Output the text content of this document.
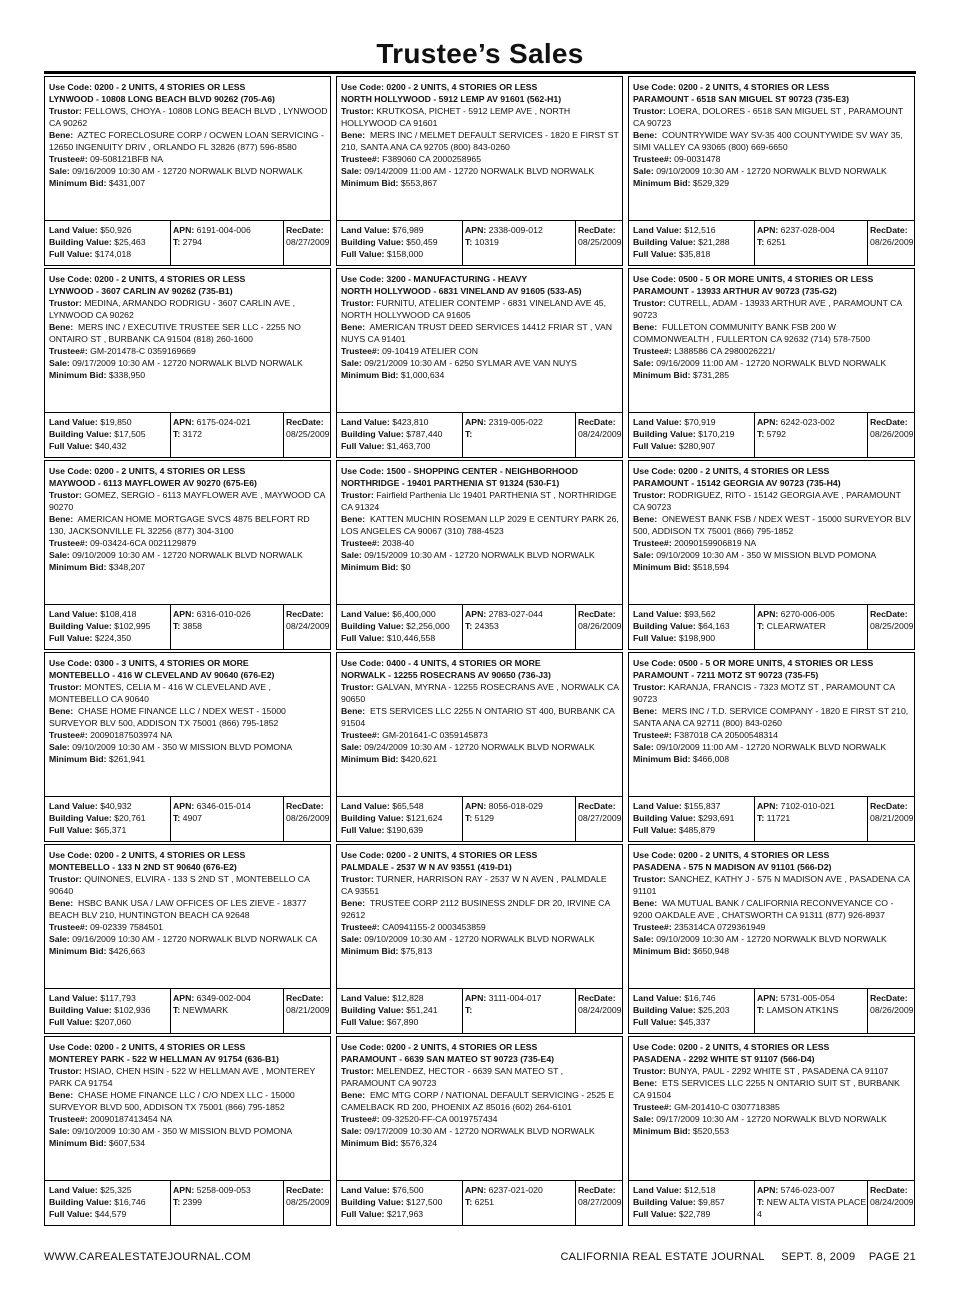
Trustee’s Sales
Use Code: 0200 - 2 UNITS, 4 STORIES OR LESS
LYNWOOD - 10808 LONG BEACH BLVD 90262 (705-A6)
Trustor: FELLOWS, CHOYA - 10808 LONG BEACH BLVD , LYNWOOD CA 90262
Bene: AZTEC FORECLOSURE CORP / OCWEN LOAN SERVICING - 12650 INGENUITY DRIV , ORLANDO FL 32826 (877) 596-8580
Trustee#: 09-508121BFB NA
Sale: 09/16/2009 10:30 AM - 12720 NORWALK BLVD NORWALK
Minimum Bid: $431,007
Land Value: $50,926
Building Value: $25,463
Full Value: $174,018
APN: 6191-004-006
T: 2794
RecDate:
08/27/2009
Use Code: 0200 - 2 UNITS, 4 STORIES OR LESS
NORTH HOLLYWOOD - 5912 LEMP AV 91601 (562-H1)
Trustor: KRUTKOSA, PICHET - 5912 LEMP AVE , NORTH HOLLYWOOD CA 91601
Bene: MERS INC / MELMET DEFAULT SERVICES - 1820 E FIRST ST 210, SANTA ANA CA 92705 (800) 843-0260
Trustee#: F389060 CA 2000258965
Sale: 09/14/2009 11:00 AM - 12720 NORWALK BLVD NORWALK
Minimum Bid: $553,867
Land Value: $76,989
Building Value: $50,459
Full Value: $158,000
APN: 2338-009-012
T: 10319
RecDate:
08/25/2009
Use Code: 0200 - 2 UNITS, 4 STORIES OR LESS
PARAMOUNT - 6518 SAN MIGUEL ST 90723 (735-E3)
Trustor: LOERA, DOLORES - 6518 SAN MIGUEL ST , PARAMOUNT CA 90723
Bene: COUNTRYWIDE WAY SV-35 400 COUNTYWIDE SV WAY 35, SIMI VALLEY CA 93065 (800) 669-6650
Trustee#: 09-0031478
Sale: 09/10/2009 10:30 AM - 12720 NORWALK BLVD NORWALK
Minimum Bid: $529,329
Land Value: $12,516
Building Value: $21,288
Full Value: $35,818
APN: 6237-028-004
T: 6251
RecDate:
08/26/2009
Use Code: 0200 - 2 UNITS, 4 STORIES OR LESS
LYNWOOD - 3607 CARLIN AV 90262 (735-B1)
Trustor: MEDINA, ARMANDO RODRIGU - 3607 CARLIN AVE , LYNWOOD CA 90262
Bene: MERS INC / EXECUTIVE TRUSTEE SER LLC - 2255 NO ONTAIRO ST , BURBANK CA 91504 (818) 260-1600
Trustee#: GM-201478-C 0359169669
Sale: 09/17/2009 10:30 AM - 12720 NORWALK BLVD NORWALK
Minimum Bid: $338,950
Land Value: $19,850
Building Value: $17,505
Full Value: $40,432
APN: 6175-024-021
T: 3172
RecDate:
08/25/2009
Use Code: 3200 - MANUFACTURING - HEAVY
NORTH HOLLYWOOD - 6831 VINELAND AV 91605 (533-A5)
Trustor: FURNITU, ATELIER CONTEMP - 6831 VINELAND AVE 45, NORTH HOLLYWOOD CA 91605
Bene: AMERICAN TRUST DEED SERVICES 14412 FRIAR ST , VAN NUYS CA 91401
Trustee#: 09-10419 ATELIER CON
Sale: 09/21/2009 10:30 AM - 6250 SYLMAR AVE VAN NUYS
Minimum Bid: $1,000,634
Land Value: $423,810
Building Value: $787,440
Full Value: $1,463,700
APN: 2319-005-022
T:
RecDate:
08/24/2009
Use Code: 0500 - 5 OR MORE UNITS, 4 STORIES OR LESS
PARAMOUNT - 13933 ARTHUR AV 90723 (735-G2)
Trustor: CUTRELL, ADAM - 13933 ARTHUR AVE , PARAMOUNT CA 90723
Bene: FULLETON COMMUNITY BANK FSB 200 W COMMONWEALTH , FULLERTON CA 92632 (714) 578-7500
Trustee#: L388586 CA 2980026221/
Sale: 09/16/2009 11:00 AM - 12720 NORWALK BLVD NORWALK
Minimum Bid: $731,285
Land Value: $70,919
Building Value: $170,219
Full Value: $280,907
APN: 6242-023-002
T: 5792
RecDate:
08/26/2009
Use Code: 0200 - 2 UNITS, 4 STORIES OR LESS
MAYWOOD - 6113 MAYFLOWER AV 90270 (675-E6)
Trustor: GOMEZ, SERGIO - 6113 MAYFLOWER AVE , MAYWOOD CA 90270
Bene: AMERICAN HOME MORTGAGE SVCS 4875 BELFORT RD 130, JACKSONVILLE FL 32256 (877) 304-3100
Trustee#: 09-03424-6CA 0021129879
Sale: 09/10/2009 10:30 AM - 12720 NORWALK BLVD NORWALK
Minimum Bid: $348,207
Land Value: $108,418
Building Value: $102,995
Full Value: $224,350
APN: 6316-010-026
T: 3858
RecDate:
08/24/2009
Use Code: 1500 - SHOPPING CENTER - NEIGHBORHOOD
NORTHRIDGE - 19401 PARTHENIA ST 91324 (530-F1)
Trustor: Fairfield Parthenia Llc 19401 PARTHENIA ST , NORTHRIDGE CA 91324
Bene: KATTEN MUCHIN ROSEMAN LLP 2029 E CENTURY PARK 26, LOS ANGELES CA 90067 (310) 788-4523
Trustee#: 2038-40
Sale: 09/15/2009 10:30 AM - 12720 NORWALK BLVD NORWALK
Minimum Bid: $0
Land Value: $6,400,000
Building Value: $2,256,000
Full Value: $10,446,558
APN: 2783-027-044
T: 24353
RecDate:
08/26/2009
Use Code: 0200 - 2 UNITS, 4 STORIES OR LESS
PARAMOUNT - 15142 GEORGIA AV 90723 (735-H4)
Trustor: RODRIGUEZ, RITO - 15142 GEORGIA AVE , PARAMOUNT CA 90723
Bene: ONEWEST BANK FSB / NDEX WEST - 15000 SURVEYOR BLV 500, ADDISON TX 75001 (866) 795-1852
Trustee#: 20090159906819 NA
Sale: 09/10/2009 10:30 AM - 350 W MISSION BLVD POMONA
Minimum Bid: $518,594
Land Value: $93,562
Building Value: $64,163
Full Value: $198,900
APN: 6270-006-005
T: CLEARWATER
RecDate:
08/25/2009
Use Code: 0300 - 3 UNITS, 4 STORIES OR MORE
MONTEBELLO - 416 W CLEVELAND AV 90640 (676-E2)
Trustor: MONTES, CELIA M - 416 W CLEVELAND AVE , MONTEBELLO CA 90640
Bene: CHASE HOME FINANCE LLC / NDEX WEST - 15000 SURVEYOR BLV 500, ADDISON TX 75001 (866) 795-1852
Trustee#: 20090187503974 NA
Sale: 09/10/2009 10:30 AM - 350 W MISSION BLVD POMONA
Minimum Bid: $261,941
Land Value: $40,932
Building Value: $20,761
Full Value: $65,371
APN: 6346-015-014
T: 4907
RecDate:
08/26/2009
Use Code: 0400 - 4 UNITS, 4 STORIES OR MORE
NORWALK - 12255 ROSECRANS AV 90650 (736-J3)
Trustor: GALVAN, MYRNA - 12255 ROSECRANS AVE , NORWALK CA 90650
Bene: ETS SERVICES LLC 2255 N ONTARIO ST 400, BURBANK CA 91504
Trustee#: GM-201641-C 0359145873
Sale: 09/24/2009 10:30 AM - 12720 NORWALK BLVD NORWALK
Minimum Bid: $420,621
Land Value: $65,548
Building Value: $121,624
Full Value: $190,639
APN: 8056-018-029
T: 5129
RecDate:
08/27/2009
Use Code: 0500 - 5 OR MORE UNITS, 4 STORIES OR LESS
PARAMOUNT - 7211 MOTZ ST 90723 (735-F5)
Trustor: KARANJA, FRANCIS - 7323 MOTZ ST , PARAMOUNT CA 90723
Bene: MERS INC / T.D. SERVICE COMPANY - 1820 E FIRST ST 210, SANTA ANA CA 92711 (800) 843-0260
Trustee#: F387018 CA 20500548314
Sale: 09/10/2009 11:00 AM - 12720 NORWALK BLVD NORWALK
Minimum Bid: $466,008
Land Value: $155,837
Building Value: $293,691
Full Value: $485,879
APN: 7102-010-021
T: 11721
RecDate:
08/21/2009
Use Code: 0200 - 2 UNITS, 4 STORIES OR LESS
MONTEBELLO - 133 N 2ND ST 90640 (676-E2)
Trustor: QUINONES, ELVIRA - 133 S 2ND ST , MONTEBELLO CA 90640
Bene: HSBC BANK USA / LAW OFFICES OF LES ZIEVE - 18377 BEACH BLV 210, HUNTINGTON BEACH CA 92648
Trustee#: 09-02339 7584501
Sale: 09/16/2009 10:30 AM - 12720 NORWALK BLVD NORWALK CA
Minimum Bid: $426,663
Land Value: $117,793
Building Value: $102,936
Full Value: $207,060
APN: 6349-002-004
T: NEWMARK
RecDate:
08/21/2009
Use Code: 0200 - 2 UNITS, 4 STORIES OR LESS
PALMDALE - 2537 W N AV 93551 (419-D1)
Trustor: TURNER, HARRISON RAY - 2537 W N AVEN , PALMDALE CA 93551
Bene: TRUSTEE CORP 2112 BUSINESS 2NDLF DR 20, IRVINE CA 92612
Trustee#: CA0941155-2 0003453859
Sale: 09/10/2009 10:30 AM - 12720 NORWALK BLVD NORWALK
Minimum Bid: $75,813
Land Value: $12,828
Building Value: $51,241
Full Value: $67,890
APN: 3111-004-017
T:
RecDate:
08/24/2009
Use Code: 0200 - 2 UNITS, 4 STORIES OR LESS
PASADENA - 575 N MADISON AV 91101 (566-D2)
Trustor: SANCHEZ, KATHY J - 575 N MADISON AVE , PASADENA CA 91101
Bene: WA MUTUAL BANK / CALIFORNIA RECONVEYANCE CO - 9200 OAKDALE AVE , CHATSWORTH CA 91311 (877) 926-8937
Trustee#: 235314CA 0729361949
Sale: 09/10/2009 10:30 AM - 12720 NORWALK BLVD NORWALK
Minimum Bid: $650,948
Land Value: $16,746
Building Value: $25,203
Full Value: $45,337
APN: 5731-005-054
T: LAMSON ATK1NS
RecDate:
08/26/2009
Use Code: 0200 - 2 UNITS, 4 STORIES OR LESS
MONTEREY PARK - 522 W HELLMAN AV 91754 (636-B1)
Trustor: HSIAO, CHEN HSIN - 522 W HELLMAN AVE , MONTEREY PARK CA 91754
Bene: CHASE HOME FINANCE LLC / C/O NDEX LLC - 15000 SURVEYOR BLVD 500, ADDISON TX 75001 (866) 795-1852
Trustee#: 20090187413454 NA
Sale: 09/10/2009 10:30 AM - 350 W MISSION BLVD POMONA
Minimum Bid: $607,534
Land Value: $25,325
Building Value: $16,746
Full Value: $44,579
APN: 5258-009-053
T: 2399
RecDate:
08/25/2009
Use Code: 0200 - 2 UNITS, 4 STORIES OR LESS
PARAMOUNT - 6639 SAN MATEO ST 90723 (735-E4)
Trustor: MELENDEZ, HECTOR - 6639 SAN MATEO ST , PARAMOUNT CA 90723
Bene: EMC MTG CORP / NATIONAL DEFAULT SERVICING - 2525 E CAMELBACK RD 200, PHOENIX AZ 85016 (602) 264-6101
Trustee#: 09-32520-FF-CA 0019757434
Sale: 09/17/2009 10:30 AM - 12720 NORWALK BLVD NORWALK
Minimum Bid: $576,324
Land Value: $76,500
Building Value: $127,500
Full Value: $217,963
APN: 6237-021-020
T: 6251
RecDate:
08/27/2009
Use Code: 0200 - 2 UNITS, 4 STORIES OR LESS
PASADENA - 2292 WHITE ST 91107 (566-D4)
Trustor: BUNYA, PAUL - 2292 WHITE ST , PASADENA CA 91107
Bene: ETS SERVICES LLC 2255 N ONTARIO SUIT ST , BURBANK CA 91504
Trustee#: GM-201410-C 0307718385
Sale: 09/17/2009 10:30 AM - 12720 NORWALK BLVD NORWALK
Minimum Bid: $520,553
Land Value: $12,518
Building Value: $9,857
Full Value: $22,789
APN: 5746-023-007
T: NEW ALTA VISTA PLACE 4
RecDate:
08/24/2009
WWW.CAREALESTATEJOURNAL.COM	CALIFORNIA REAL ESTATE JOURNAL     SEPT. 8, 2009    PAGE 21
